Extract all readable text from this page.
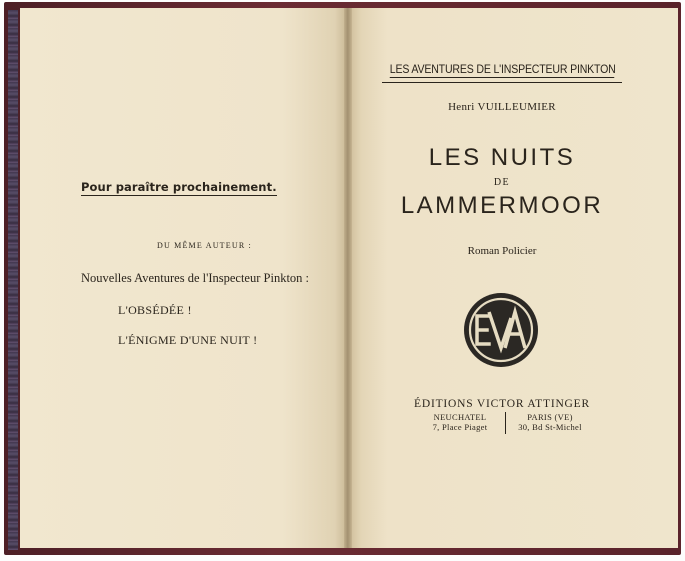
Pour paraître prochainement.
DU MÊME AUTEUR :
Nouvelles Aventures de l'Inspecteur Pinkton :
L'OBSÉDÉE !
L'ÉNIGME D'UNE NUIT !
LES AVENTURES DE L'INSPECTEUR PINKTON
Henri VUILLEUMIER
LES NUITS
DE
LAMMERMOOR
Roman Policier
ÉDITIONS VICTOR ATTINGER
NEUCHATEL
7, Place Piaget
PARIS (VE)
30, Bd St-Michel
